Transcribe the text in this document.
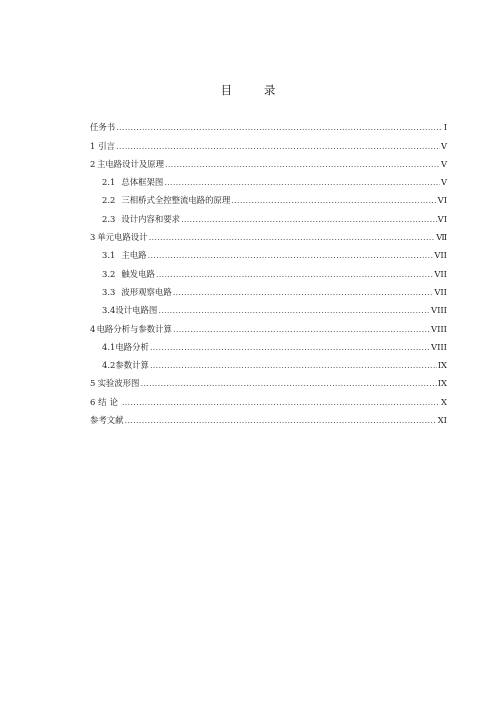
目 录
任务书 …………………………………………………………………………………………………………………………………………………………………………	I
1 引言 …………………………………………………………………………………………………………………………………………………………………………	V
2 主电路设计及原理 …………………………………………………………………………………………………………………………………………………………………………	V
2.1 总体框架图 …………………………………………………………………………………………………………………………………………………………………………	V
2.2 三相桥式全控整流电路的原理 …………………………………………………………………………………………………………………………………………………………………………	VI
2.3 设计内容和要求 …………………………………………………………………………………………………………………………………………………………………………	VI
3 单元电路设计 …………………………………………………………………………………………………………………………………………………………………………	Ⅶ
3.1 主电路 …………………………………………………………………………………………………………………………………………………………………………	VII
3.2 触发电路 …………………………………………………………………………………………………………………………………………………………………………	VII
3.3 波形观察电路 …………………………………………………………………………………………………………………………………………………………………………	VII
3.4 设计电路图 …………………………………………………………………………………………………………………………………………………………………………	VIII
4 电路分析与参数计算 …………………………………………………………………………………………………………………………………………………………………………	VIII
4.1 电路分析 …………………………………………………………………………………………………………………………………………………………………………	VIII
4.2 参数计算 …………………………………………………………………………………………………………………………………………………………………………	IX
5 实验波形图 …………………………………………………………………………………………………………………………………………………………………………	IX
6 结论 …………………………………………………………………………………………………………………………………………………………………………	X
参考文献 …………………………………………………………………………………………………………………………………………………………………………	XI
